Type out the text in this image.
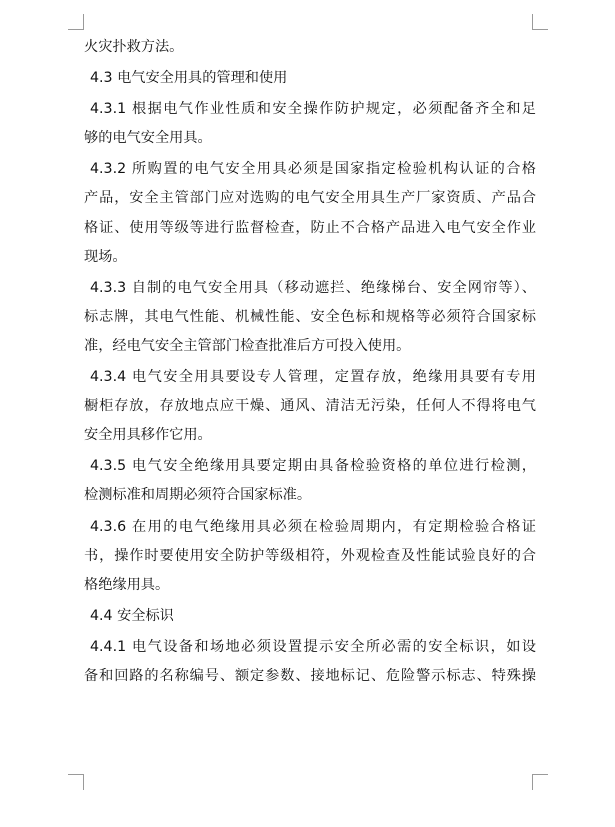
火灾扑救方法。
4.3 电气安全用具的管理和使用
4.3.1 根据电气作业性质和安全操作防护规定，必须配备齐全和足
够的电气安全用具。
4.3.2 所购置的电气安全用具必须是国家指定检验机构认证的合格
产品，安全主管部门应对选购的电气安全用具生产厂家资质、产品合
格证、使用等级等进行监督检查，防止不合格产品进入电气安全作业
现场。
4.3.3 自制的电气安全用具（移动遮拦、绝缘梯台、安全网帘等）、
标志牌，其电气性能、机械性能、安全色标和规格等必须符合国家标
准，经电气安全主管部门检查批准后方可投入使用。
4.3.4 电气安全用具要设专人管理，定置存放，绝缘用具要有专用
橱柜存放，存放地点应干燥、通风、清洁无污染，任何人不得将电气
安全用具移作它用。
4.3.5 电气安全绝缘用具要定期由具备检验资格的单位进行检测，
检测标准和周期必须符合国家标准。
4.3.6 在用的电气绝缘用具必须在检验周期内，有定期检验合格证
书，操作时要使用安全防护等级相符，外观检查及性能试验良好的合
格绝缘用具。
4.4 安全标识
4.4.1 电气设备和场地必须设置提示安全所必需的安全标识，如设
备和回路的名称编号、额定参数、接地标记、危险警示标志、特殊操
